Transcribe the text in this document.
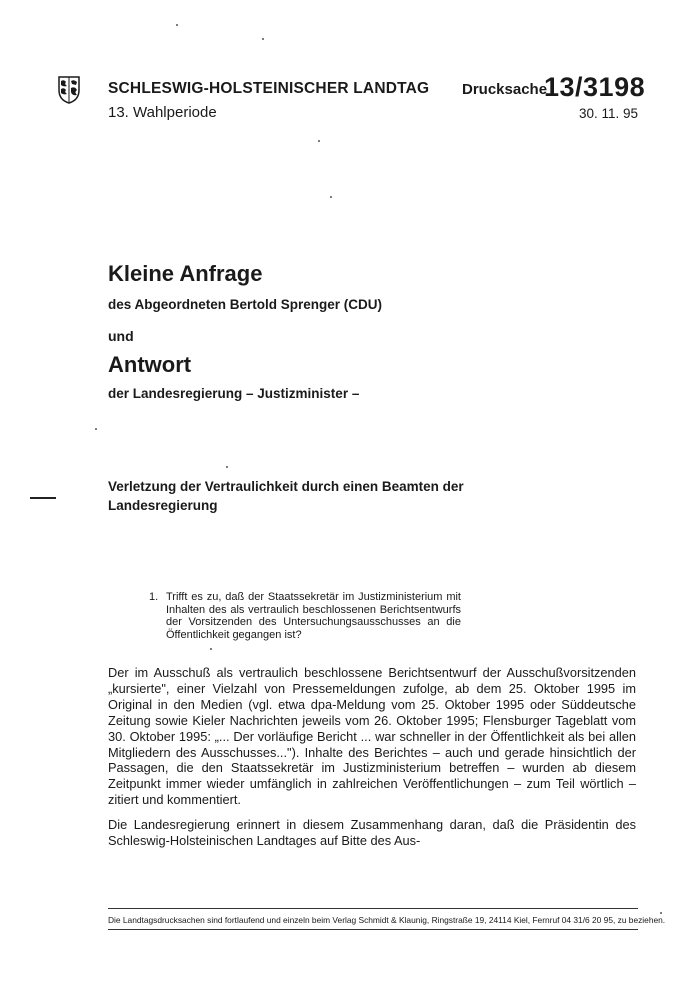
SCHLESWIG-HOLSTEINISCHER LANDTAG
13. Wahlperiode
Drucksache
13/3198
30. 11. 95
Kleine Anfrage
des Abgeordneten Bertold Sprenger (CDU)
und
Antwort
der Landesregierung – Justizminister –
Verletzung der Vertraulichkeit durch einen Beamten der Landesregierung
1. Trifft es zu, daß der Staatssekretär im Justizministerium mit Inhalten des als vertraulich beschlossenen Berichtsentwurfs der Vorsitzenden des Untersuchungsausschusses an die Öffentlichkeit gegangen ist?
Der im Ausschuß als vertraulich beschlossene Berichtsentwurf der Ausschußvorsitzenden „kursierte", einer Vielzahl von Pressemeldungen zufolge, ab dem 25. Oktober 1995 im Original in den Medien (vgl. etwa dpa-Meldung vom 25. Oktober 1995 oder Süddeutsche Zeitung sowie Kieler Nachrichten jeweils vom 26. Oktober 1995; Flensburger Tageblatt vom 30. Oktober 1995: „... Der vorläufige Bericht ... war schneller in der Öffentlichkeit als bei allen Mitgliedern des Ausschusses..."). Inhalte des Berichtes – auch und gerade hinsichtlich der Passagen, die den Staatssekretär im Justizministerium betreffen – wurden ab diesem Zeitpunkt immer wieder umfänglich in zahlreichen Veröffentlichungen – zum Teil wörtlich – zitiert und kommentiert.
Die Landesregierung erinnert in diesem Zusammenhang daran, daß die Präsidentin des Schleswig-Holsteinischen Landtages auf Bitte des Aus-
Die Landtagsdrucksachen sind fortlaufend und einzeln beim Verlag Schmidt & Klaunig, Ringstraße 19, 24114 Kiel, Fernruf 04 31/6 20 95, zu beziehen.
